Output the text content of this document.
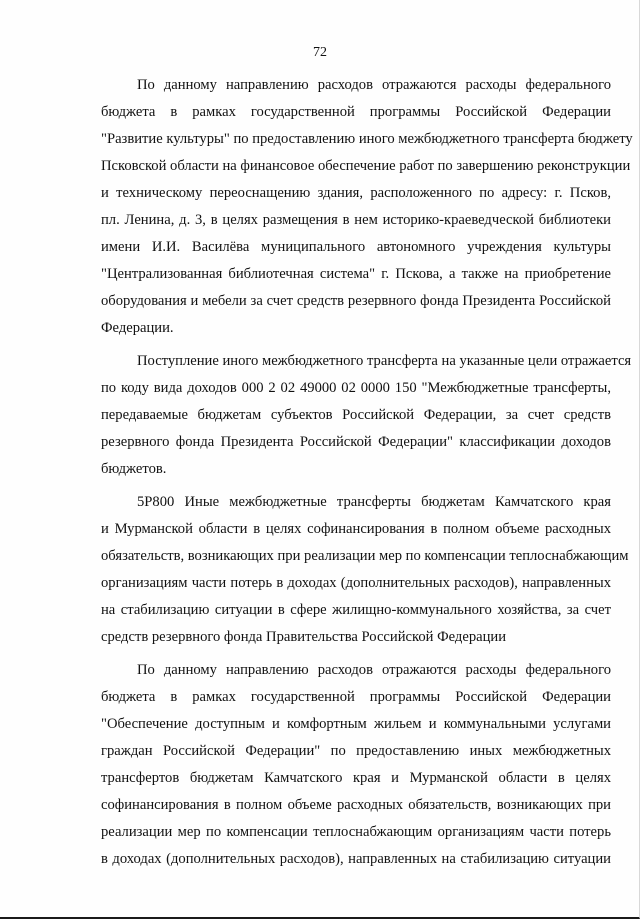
72
По данному направлению расходов отражаются расходы федерального
бюджета в рамках государственной программы Российской Федерации
"Развитие культуры" по предоставлению иного межбюджетного трансферта бюджету
Псковской области на финансовое обеспечение работ по завершению реконструкции
и техническому переоснащению здания, расположенного по адресу: г. Псков,
пл. Ленина, д. 3, в целях размещения в нем историко-краеведческой библиотеки
имени И.И. Василёва муниципального автономного учреждения культуры
"Централизованная библиотечная система" г. Пскова, а также на приобретение
оборудования и мебели за счет средств резервного фонда Президента Российской
Федерации.
Поступление иного межбюджетного трансферта на указанные цели отражается
по коду вида доходов 000 2 02 49000 02 0000 150 "Межбюджетные трансферты,
передаваемые бюджетам субъектов Российской Федерации, за счет средств
резервного фонда Президента Российской Федерации" классификации доходов
бюджетов.
5Р800 Иные межбюджетные трансферты бюджетам Камчатского края
и Мурманской области в целях софинансирования в полном объеме расходных
обязательств, возникающих при реализации мер по компенсации теплоснабжающим
организациям части потерь в доходах (дополнительных расходов), направленных
на стабилизацию ситуации в сфере жилищно-коммунального хозяйства, за счет
средств резервного фонда Правительства Российской Федерации
По данному направлению расходов отражаются расходы федерального
бюджета в рамках государственной программы Российской Федерации
"Обеспечение доступным и комфортным жильем и коммунальными услугами
граждан Российской Федерации" по предоставлению иных межбюджетных
трансфертов бюджетам Камчатского края и Мурманской области в целях
софинансирования в полном объеме расходных обязательств, возникающих при
реализации мер по компенсации теплоснабжающим организациям части потерь
в доходах (дополнительных расходов), направленных на стабилизацию ситуации
